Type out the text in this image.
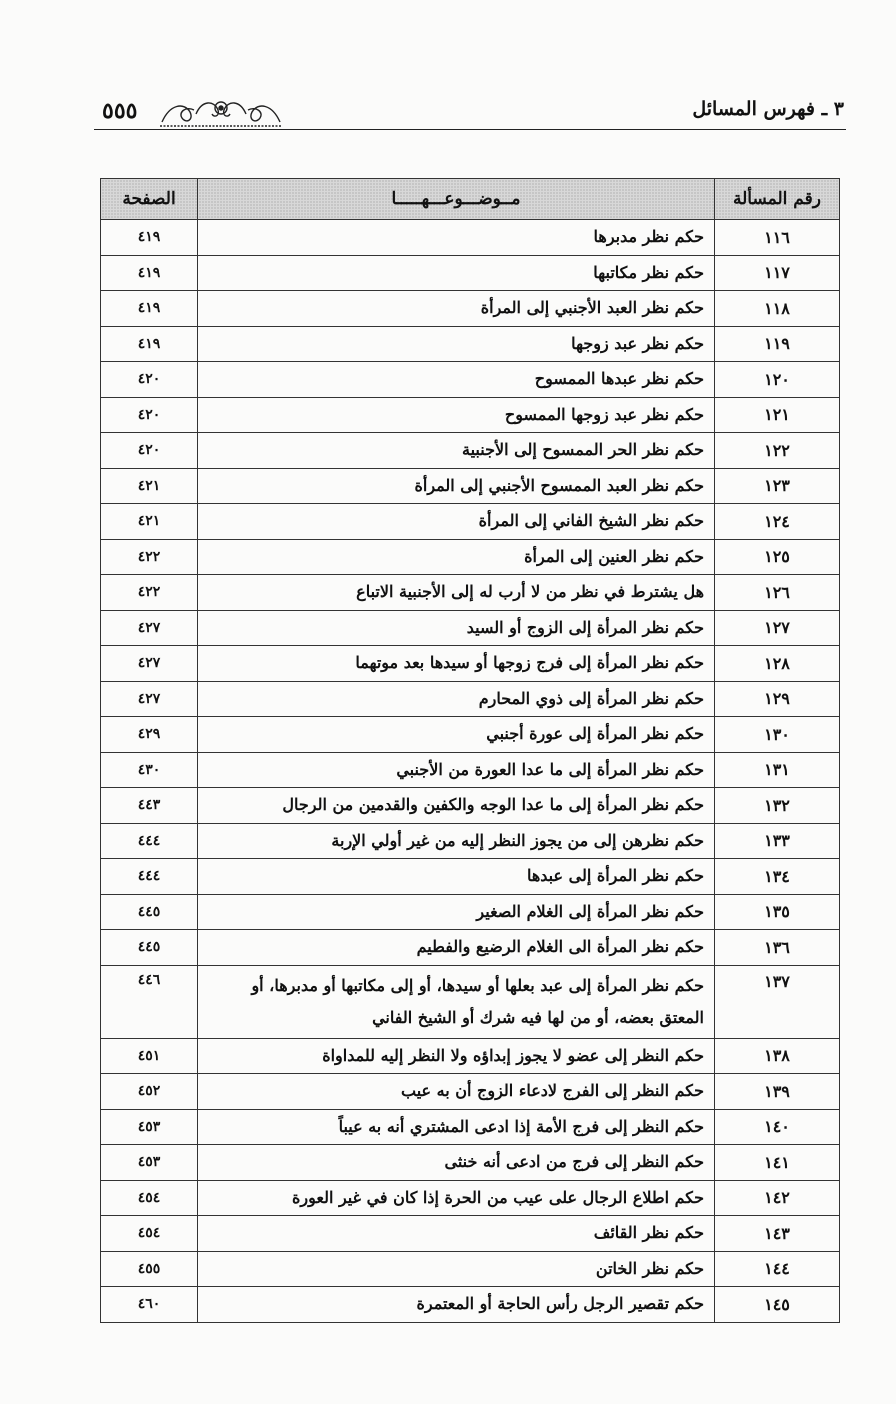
٥٥٥	٣ ـ فهرس المسائل
رقم المسألة	مــوضـــوعـــهـــــا	الصفحة
١١٦	حكم نظر مدبرها	٤١٩
١١٧	حكم نظر مكاتبها	٤١٩
١١٨	حكم نظر العبد الأجنبي إلى المرأة	٤١٩
١١٩	حكم نظر عبد زوجها	٤١٩
١٢٠	حكم نظر عبدها الممسوح	٤٢٠
١٢١	حكم نظر عبد زوجها الممسوح	٤٢٠
١٢٢	حكم نظر الحر الممسوح إلى الأجنبية	٤٢٠
١٢٣	حكم نظر العبد الممسوح الأجنبي إلى المرأة	٤٢١
١٢٤	حكم نظر الشيخ الفاني إلى المرأة	٤٢١
١٢٥	حكم نظر العنين إلى المرأة	٤٢٢
١٢٦	هل يشترط في نظر من لا أرب له إلى الأجنبية الاتباع	٤٢٢
١٢٧	حكم نظر المرأة إلى الزوج أو السيد	٤٢٧
١٢٨	حكم نظر المرأة إلى فرج زوجها أو سيدها بعد موتهما	٤٢٧
١٢٩	حكم نظر المرأة إلى ذوي المحارم	٤٢٧
١٣٠	حكم نظر المرأة إلى عورة أجنبي	٤٢٩
١٣١	حكم نظر المرأة إلى ما عدا العورة من الأجنبي	٤٣٠
١٣٢	حكم نظر المرأة إلى ما عدا الوجه والكفين والقدمين من الرجال	٤٤٣
١٣٣	حكم نظرهن إلى من يجوز النظر إليه من غير أولي الإربة	٤٤٤
١٣٤	حكم نظر المرأة إلى عبدها	٤٤٤
١٣٥	حكم نظر المرأة إلى الغلام الصغير	٤٤٥
١٣٦	حكم نظر المرأة الى الغلام الرضيع والفطيم	٤٤٥
١٣٧	حكم نظر المرأة إلى عبد بعلها أو سيدها، أو إلى مكاتبها أو مدبرها، أو المعتق بعضه، أو من لها فيه شرك أو الشيخ الفاني	٤٤٦
١٣٨	حكم النظر إلى عضو لا يجوز إبداؤه ولا النظر إليه للمداواة	٤٥١
١٣٩	حكم النظر إلى الفرج لادعاء الزوج أن به عيب	٤٥٢
١٤٠	حكم النظر إلى فرج الأمة إذا ادعى المشتري أنه به عيباً	٤٥٣
١٤١	حكم النظر إلى فرج من ادعى أنه خنثى	٤٥٣
١٤٢	حكم اطلاع الرجال على عيب من الحرة إذا كان في غير العورة	٤٥٤
١٤٣	حكم نظر القائف	٤٥٤
١٤٤	حكم نظر الخاتن	٤٥٥
١٤٥	حكم تقصير الرجل رأس الحاجة أو المعتمرة	٤٦٠
